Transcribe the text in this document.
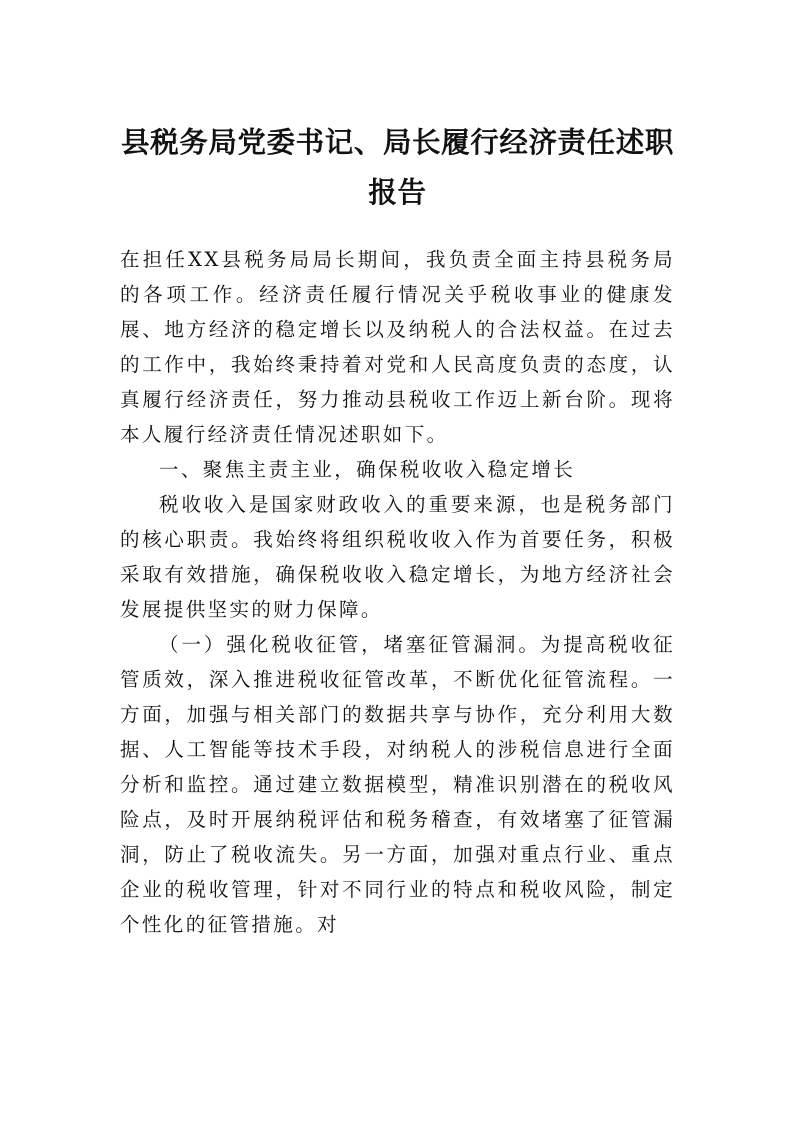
县税务局党委书记、局长履行经济责任述职
报告

在担任XX县税务局局长期间，我负责全面主持县税务局的各项工作。经济责任履行情况关乎税收事业的健康发展、地方经济的稳定增长以及纳税人的合法权益。在过去的工作中，我始终秉持着对党和人民高度负责的态度，认真履行经济责任，努力推动县税收工作迈上新台阶。现将本人履行经济责任情况述职如下。

一、聚焦主责主业，确保税收收入稳定增长

税收收入是国家财政收入的重要来源，也是税务部门的核心职责。我始终将组织税收收入作为首要任务，积极采取有效措施，确保税收收入稳定增长，为地方经济社会发展提供坚实的财力保障。

（一）强化税收征管，堵塞征管漏洞。为提高税收征管质效，深入推进税收征管改革，不断优化征管流程。一方面，加强与相关部门的数据共享与协作，充分利用大数据、人工智能等技术手段，对纳税人的涉税信息进行全面分析和监控。通过建立数据模型，精准识别潜在的税收风险点，及时开展纳税评估和税务稽查，有效堵塞了征管漏洞，防止了税收流失。另一方面，加强对重点行业、重点企业的税收管理，针对不同行业的特点和税收风险，制定个性化的征管措施。对
